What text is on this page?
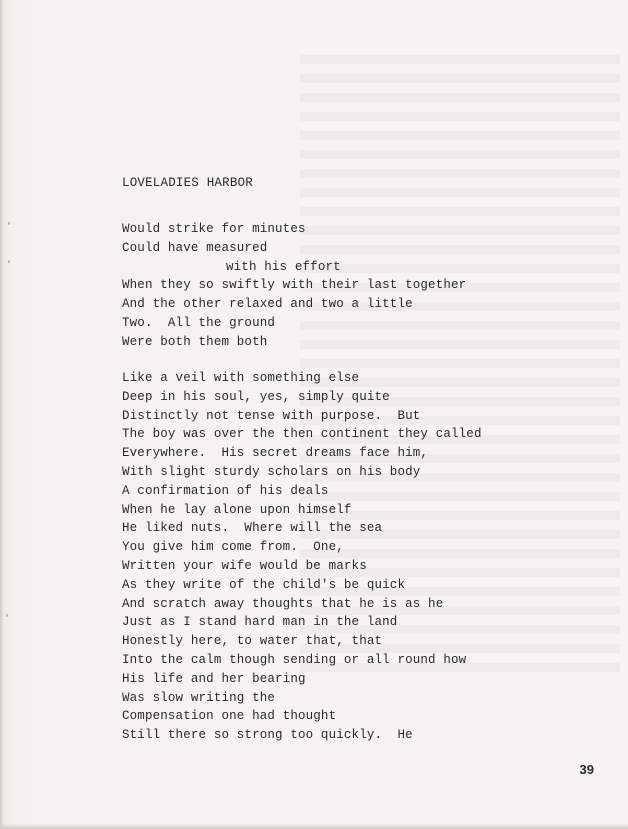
LOVELADIES HARBOR
Would strike for minutes
Could have measured
with his effort
When they so swiftly with their last together
And the other relaxed and two a little
Two.  All the ground
Were both them both
Like a veil with something else
Deep in his soul, yes, simply quite
Distinctly not tense with purpose.  But
The boy was over the then continent they called
Everywhere.  His secret dreams face him,
With slight sturdy scholars on his body
A confirmation of his deals
When he lay alone upon himself
He liked nuts.  Where will the sea
You give him come from.  One,
Written your wife would be marks
As they write of the child's be quick
And scratch away thoughts that he is as he
Just as I stand hard man in the land
Honestly here, to water that, that
Into the calm though sending or all round how
His life and her bearing
Was slow writing the
Compensation one had thought
Still there so strong too quickly.  He
39
